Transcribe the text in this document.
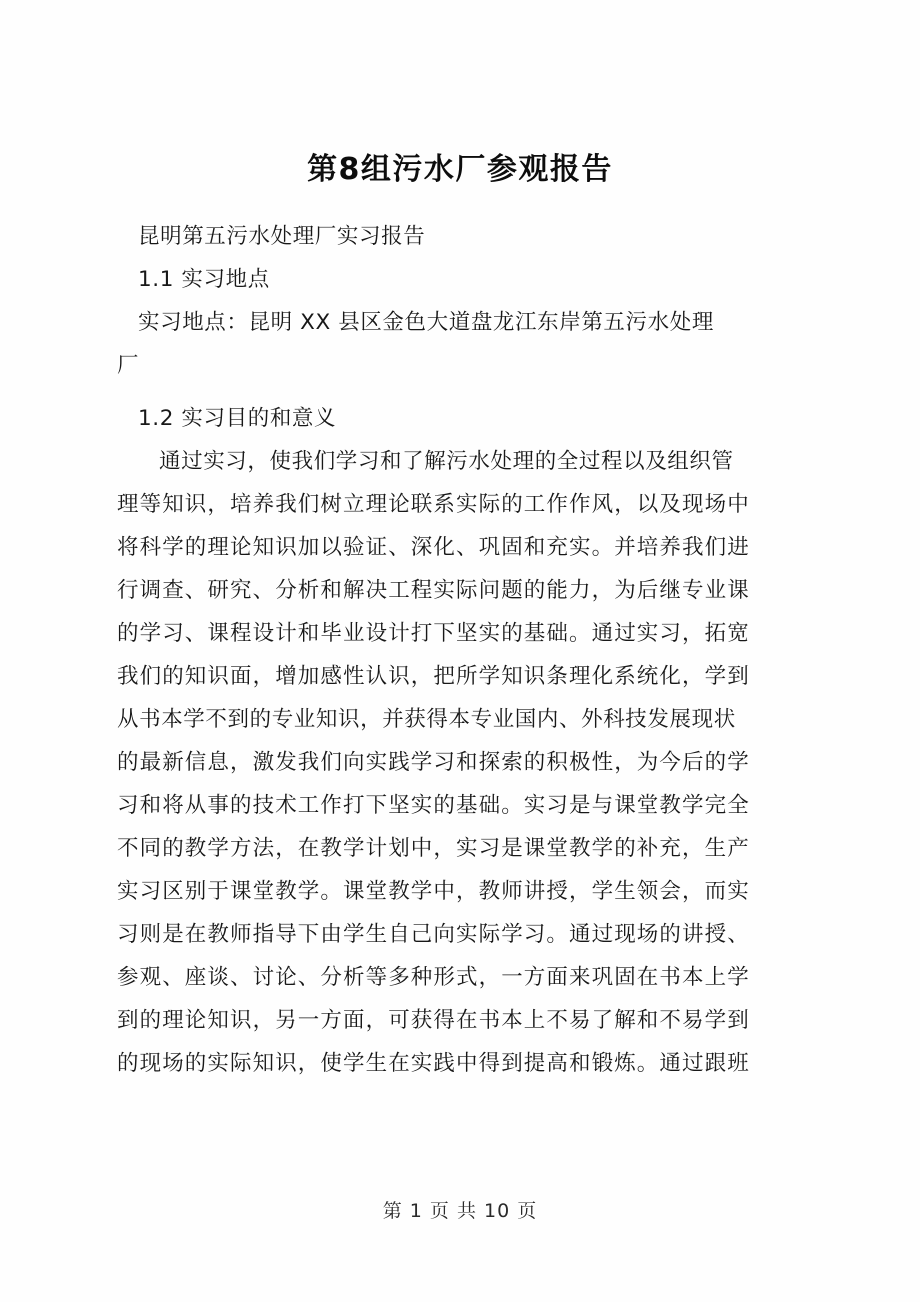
第8组污水厂参观报告
昆明第五污水处理厂实习报告
1.1 实习地点
实习地点：昆明 XX 县区金色大道盘龙江东岸第五污水处理
厂
1.2 实习目的和意义
通过实习，使我们学习和了解污水处理的全过程以及组织管
理等知识，培养我们树立理论联系实际的工作作风，以及现场中
将科学的理论知识加以验证、深化、巩固和充实。并培养我们进
行调查、研究、分析和解决工程实际问题的能力，为后继专业课
的学习、课程设计和毕业设计打下坚实的基础。通过实习，拓宽
我们的知识面，增加感性认识，把所学知识条理化系统化，学到
从书本学不到的专业知识，并获得本专业国内、外科技发展现状
的最新信息，激发我们向实践学习和探索的积极性，为今后的学
习和将从事的技术工作打下坚实的基础。实习是与课堂教学完全
不同的教学方法，在教学计划中，实习是课堂教学的补充，生产
实习区别于课堂教学。课堂教学中，教师讲授，学生领会，而实
习则是在教师指导下由学生自己向实际学习。通过现场的讲授、
参观、座谈、讨论、分析等多种形式，一方面来巩固在书本上学
到的理论知识，另一方面，可获得在书本上不易了解和不易学到
的现场的实际知识，使学生在实践中得到提高和锻炼。通过跟班
第 1 页 共 10 页
